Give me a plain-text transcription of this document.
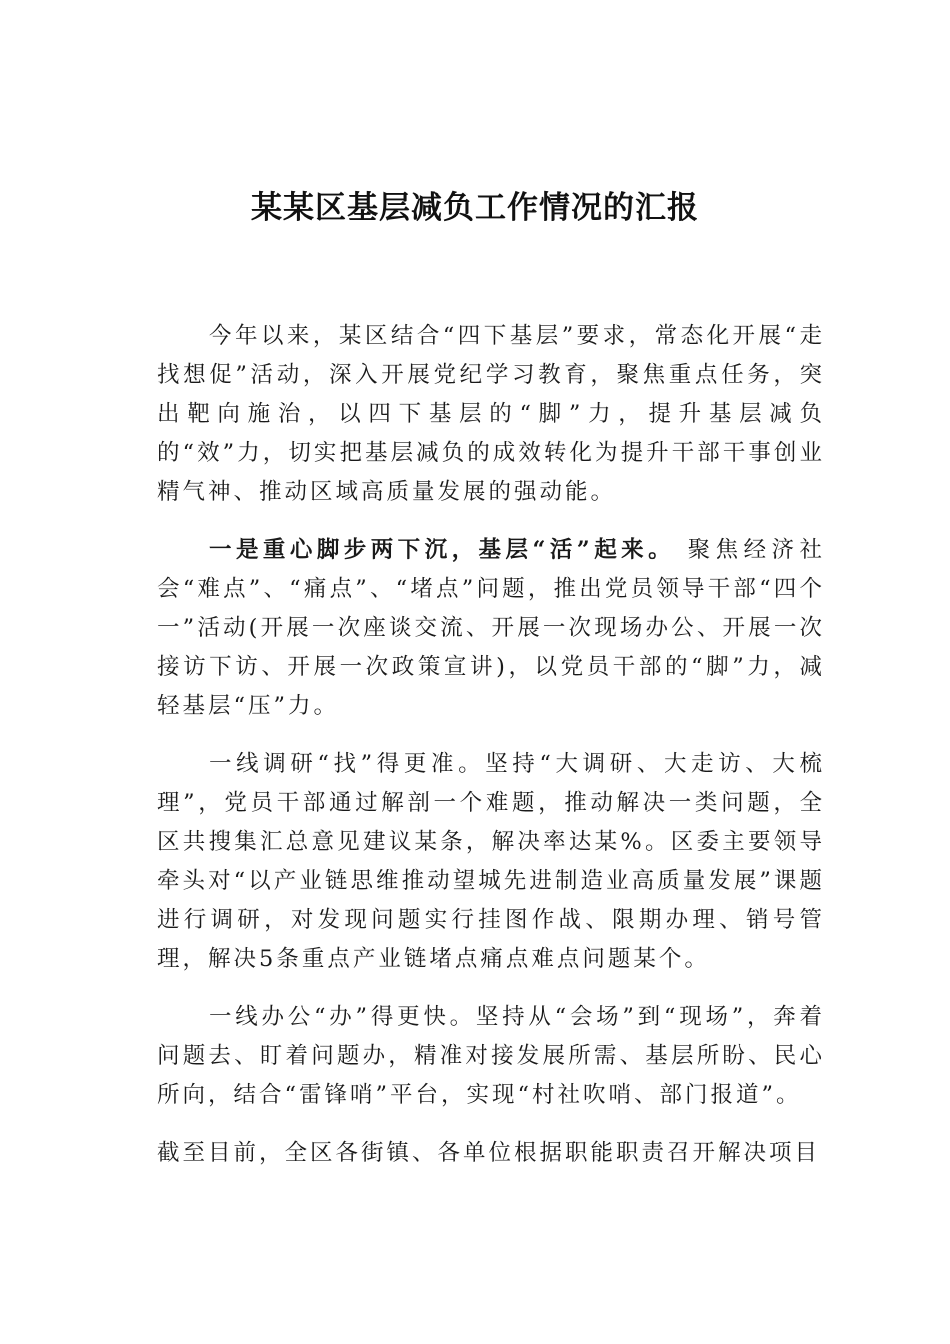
某某区基层减负工作情况的汇报

今年以来，某区结合“四下基层”要求，常态化开展“走找想促”活动，深入开展党纪学习教育，聚焦重点任务，突出靶向施治，以四下基层的“脚”力，提升基层减负的“效”力，切实把基层减负的成效转化为提升干部干事创业精气神、推动区域高质量发展的强动能。

一是重心脚步两下沉，基层“活”起来。 聚焦经济社会“难点”、“痛点”、“堵点”问题，推出党员领导干部“四个一”活动(开展一次座谈交流、开展一次现场办公、开展一次接访下访、开展一次政策宣讲)，以党员干部的“脚”力，减轻基层“压”力。

一线调研“找”得更准。坚持“大调研、大走访、大梳理”，党员干部通过解剖一个难题，推动解决一类问题，全区共搜集汇总意见建议某条，解决率达某%。区委主要领导牵头对“以产业链思维推动望城先进制造业高质量发展”课题进行调研，对发现问题实行挂图作战、限期办理、销号管理，解决5条重点产业链堵点痛点难点问题某个。

一线办公“办”得更快。坚持从“会场”到“现场”，奔着问题去、盯着问题办，精准对接发展所需、基层所盼、民心所向，结合“雷锋哨”平台，实现“村社吹哨、部门报道”。

截至目前，全区各街镇、各单位根据职能职责召开解决项目
